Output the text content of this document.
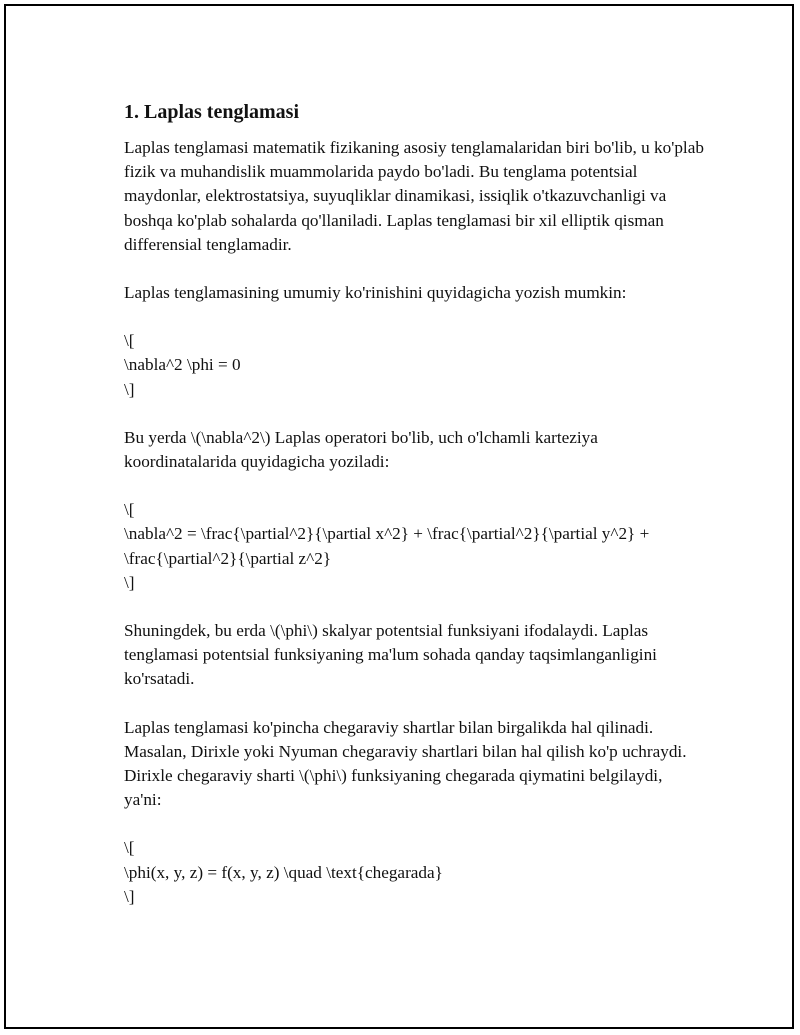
1. Laplas tenglamasi

Laplas tenglamasi matematik fizikaning asosiy tenglamalaridan biri bo'lib, u ko'plab fizik va muhandislik muammolarida paydo bo'ladi. Bu tenglama potentsial maydonlar, elektrostatsiya, suyuqliklar dinamikasi, issiqlik o'tkazuvchanligi va boshqa ko'plab sohalarda qo'llaniladi. Laplas tenglamasi bir xil elliptik qisman differensial tenglamadir.

Laplas tenglamasining umumiy ko'rinishini quyidagicha yozish mumkin:

\[
\nabla^2 \phi = 0
\]

Bu yerda \(\nabla^2\) Laplas operatori bo'lib, uch o'lchamli karteziya koordinatalarida quyidagicha yoziladi:

\[
\nabla^2 = \frac{\partial^2}{\partial x^2} + \frac{\partial^2}{\partial y^2} +
\frac{\partial^2}{\partial z^2}
\]

Shuningdek, bu erda \(\phi\) skalyar potentsial funksiyani ifodalaydi. Laplas tenglamasi potentsial funksiyaning ma'lum sohada qanday taqsimlanganligini ko'rsatadi.

Laplas tenglamasi ko'pincha chegaraviy shartlar bilan birgalikda hal qilinadi. Masalan, Dirixle yoki Nyuman chegaraviy shartlari bilan hal qilish ko'p uchraydi. Dirixle chegaraviy sharti \(\phi\) funksiyaning chegarada qiymatini belgilaydi, ya'ni:

\[
\phi(x, y, z) = f(x, y, z) \quad \text{chegarada}
\]
